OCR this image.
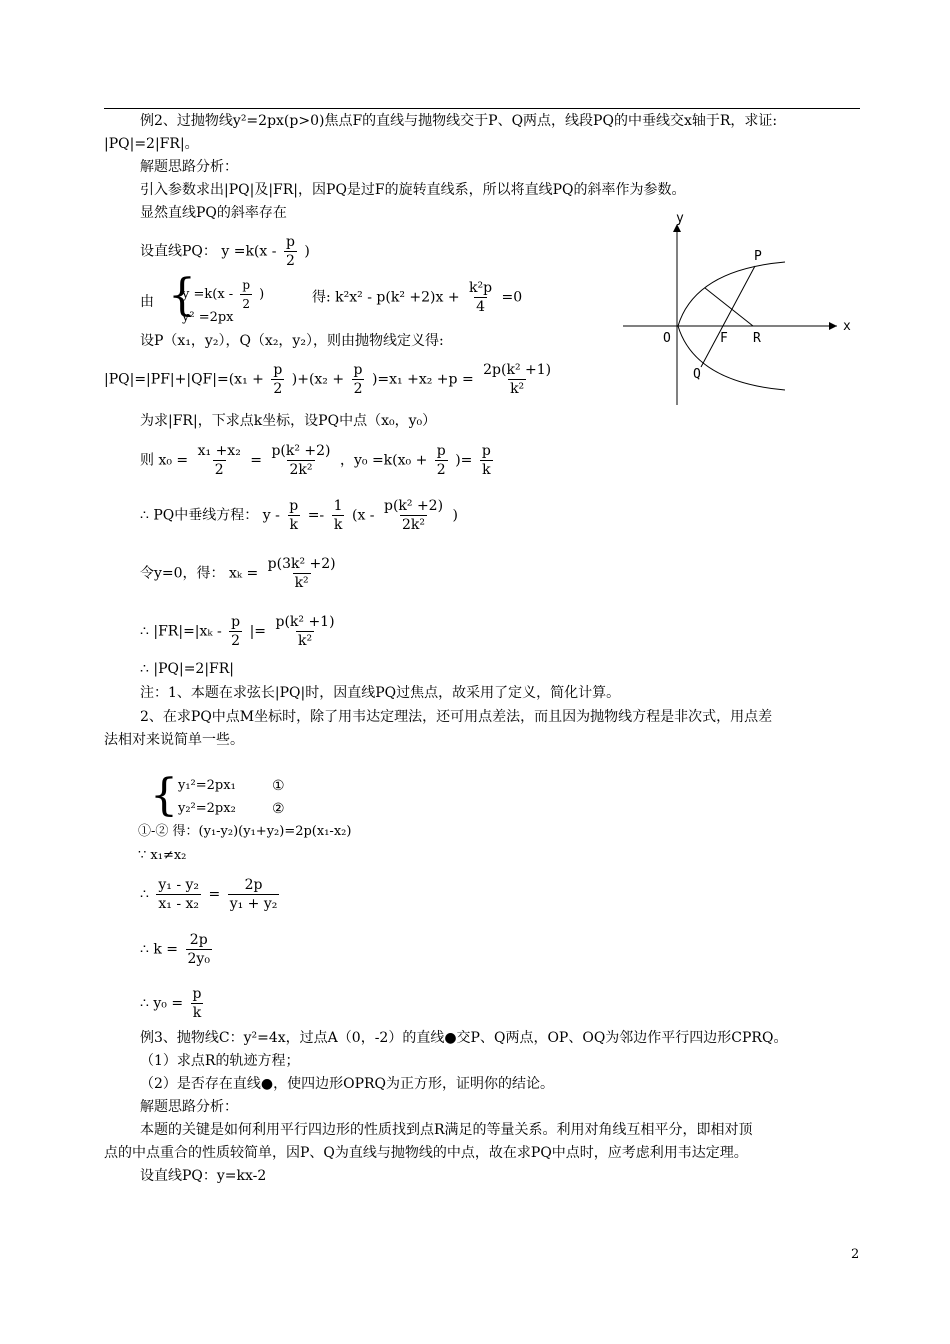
例2、过抛物线y²=2px(p>0)焦点F的直线与抛物线交于P、Q两点，线段PQ的中垂线交x轴于R，求证:
|PQ|=2|FR|。
解题思路分析：
引入参数求出|PQ|及|FR|，因PQ是过F的旋转直线系，所以将直线PQ的斜率作为参数。
显然直线PQ的斜率存在
设直线PQ： $y =k(x - \frac{p}{2}$ )
由 {
$y =k(x - \frac{p}{2}$ )
y² =2px
得: $k^2x^2 - p(k^2 +2)x + \frac{\text{k²p}}{4} =0$
设P（x₁，y₂），Q（x₂，y₂），则由抛物线定义得:
$|PQ|=|PF|+|QF|=(x_1 + \frac{p}{2} )+(x_2 + \frac{p}{2} )=x_1 +x_2 +p = \frac{\text{2p(k² +1)}}{\text{k²}}$
为求|FR|，下求点k坐标，设PQ中点（x₀，y₀）
则 $x_0 = \frac{\text{x₁ +x₂}}{2} = \frac{\text{p(k² +2)}}{\text{2k²}}$ ，$y_0 =k(x_0 + \frac{p}{2}$ )= $\frac{p}{k}$
∴ PQ中垂线方程： $y - \frac{p}{k} =- \frac{1}{k} (x - \frac{\text{p(k² +2)}}{\text{2k²}}$ )
令y=0，得： $x_k = \frac{\text{p(3k² +2)}}{\text{k²}}$
∴ $|FR|=|x_k - \frac{p}{2}$ |= $\frac{\text{p(k² +1)}}{\text{k²}}$
∴ |PQ|=2|FR|
注：1、本题在求弦长|PQ|时，因直线PQ过焦点，故采用了定义，简化计算。
2、在求PQ中点M坐标时，除了用韦达定理法，还可用点差法，而且因为抛物线方程是非次式，用点差
法相对来说简单一些。
{ y₁²=2px₁	①
y₂²=2px₂	②
①-② 得：(y₁-y₂)(y₁+y₂)=2p(x₁-x₂)
∵ x₁≠x₂
∴ $\frac{\text{y₁ - y₂}}{\text{x₁ - x₂}} = \frac{2p}{\text{y₁ + y₂}}$
∴ $k = \frac{2p}{\text{2y₀}}$
∴ $y_0 = \frac{p}{k}$
例3、抛物线C：y²=4x，过点A（0，-2）的直线●交P、Q两点，OP、OQ为邻边作平行四边形CPRQ。
（1）求点R的轨迹方程；
（2）是否存在直线●，使四边形OPRQ为正方形，证明你的结论。
解题思路分析：
本题的关键是如何利用平行四边形的性质找到点R满足的等量关系。利用对角线互相平分，即相对顶
点的中点重合的性质较简单，因P、Q为直线与抛物线的中点，故在求PQ中点时，应考虑利用韦达定理。
设直线PQ：y=kx-2
y
x
O	F R
P
Q
2
